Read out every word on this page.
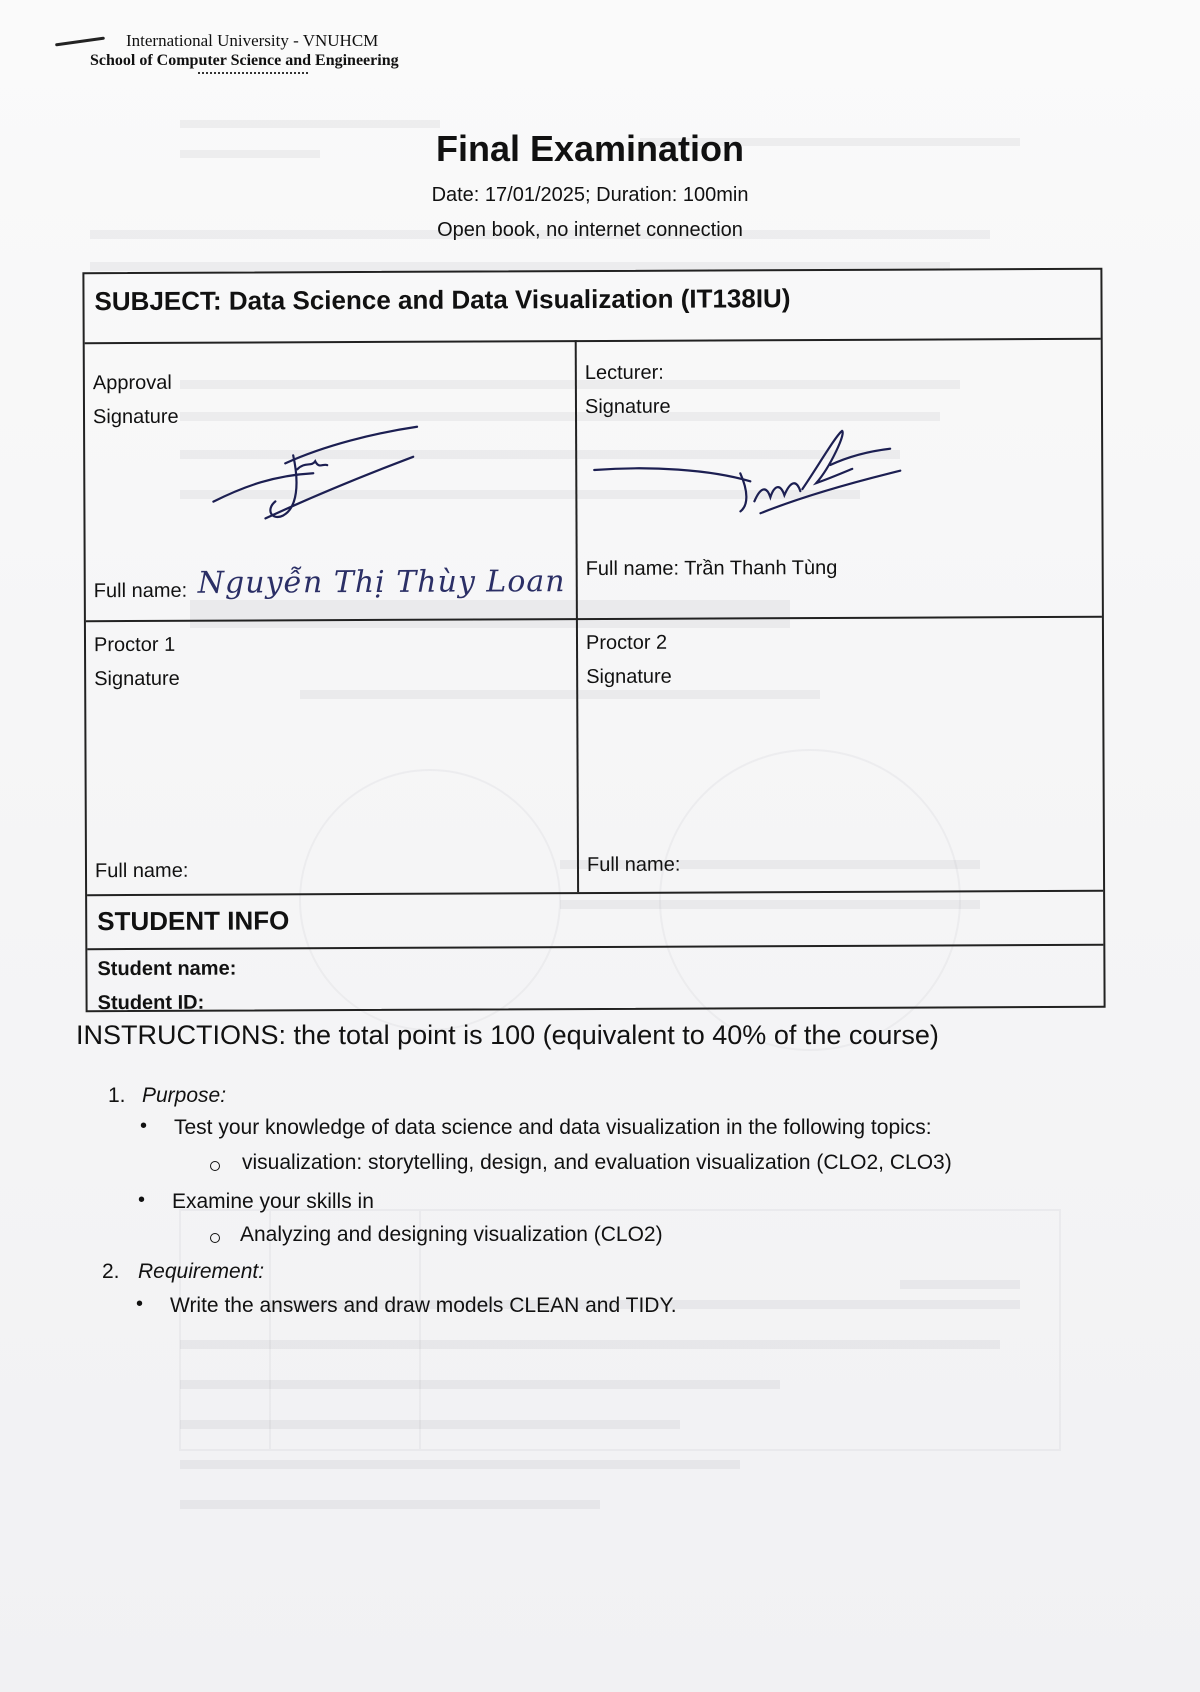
International University - VNUHCM
School of Computer Science and Engineering
Final Examination
Date: 17/01/2025; Duration: 100min
Open book, no internet connection
SUBJECT: Data Science and Data Visualization (IT138IU)
Approval
Signature
Full name: Nguyễn Thị Thùy Loan
Lecturer:
Signature
Full name: Trần Thanh Tùng
Proctor 1
Signature
Full name:
Proctor 2
Signature
Full name:
STUDENT INFO
Student name:
Student ID:
INSTRUCTIONS: the total point is 100 (equivalent to 40% of the course)
1. Purpose:
• Test your knowledge of data science and data visualization in the following topics:
visualization: storytelling, design, and evaluation visualization (CLO2, CLO3)
• Examine your skills in
Analyzing and designing visualization (CLO2)
2. Requirement:
• Write the answers and draw models CLEAN and TIDY.
